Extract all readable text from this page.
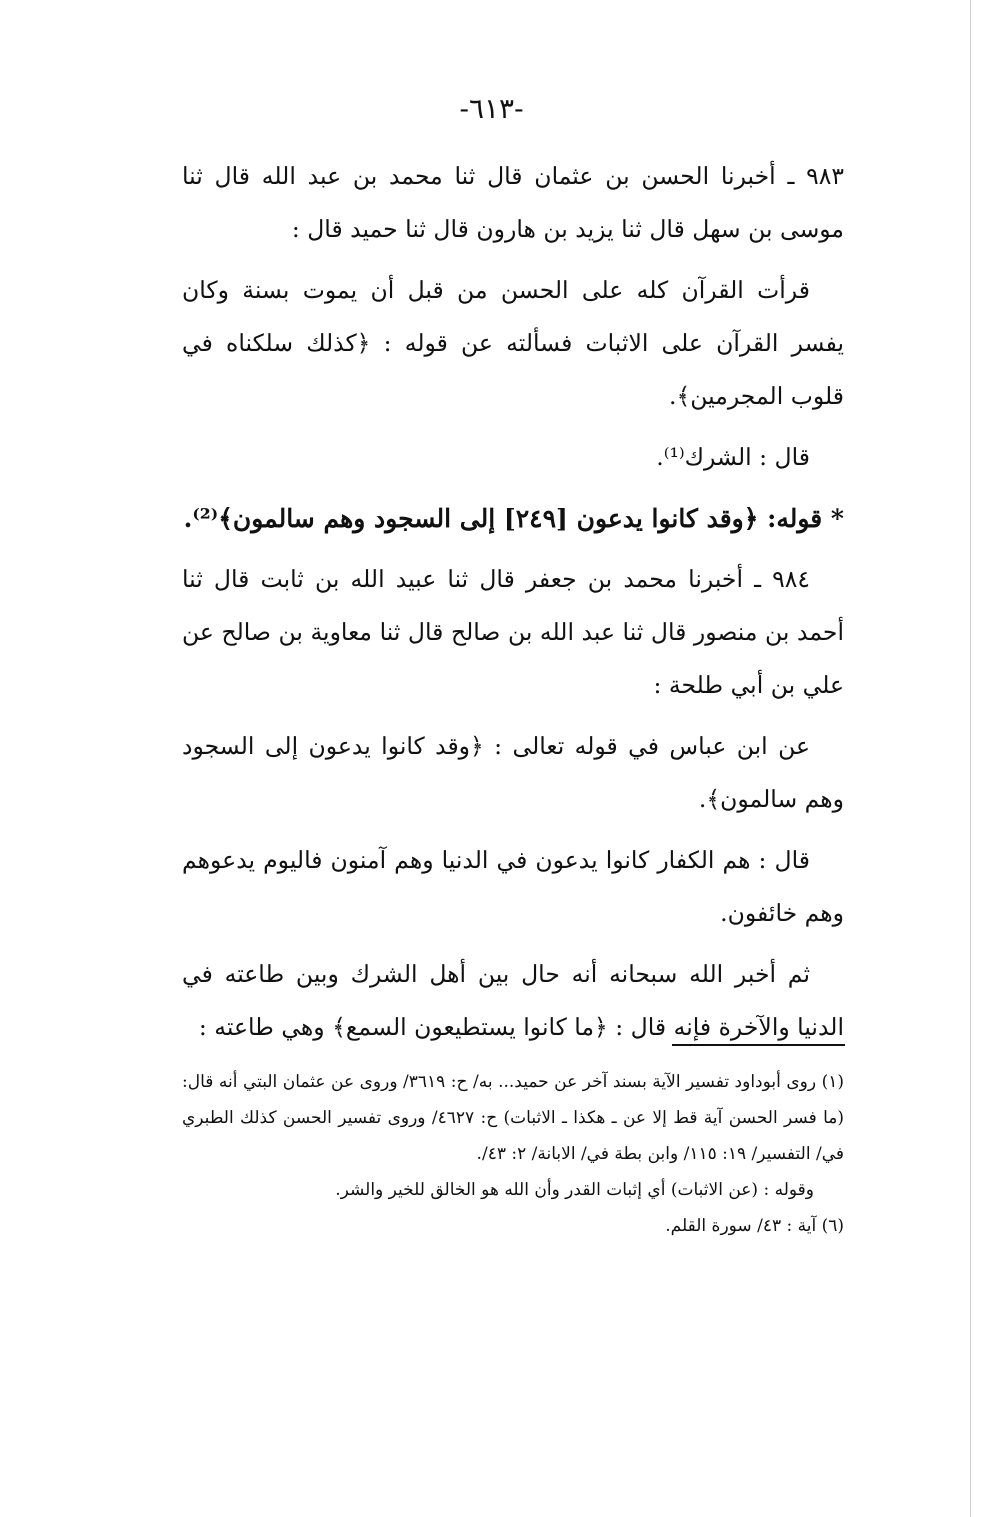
-٦١٣-

٩٨٣ ـ أخبرنا الحسن بن عثمان قال ثنا محمد بن عبد الله قال ثنا موسى بن سهل قال ثنا يزيد بن هارون قال ثنا حميد قال :

قرأت القرآن كله على الحسن من قبل أن يموت بسنة وكان يفسر القرآن على الاثبات فسألته عن قوله : ﴿كذلك سلكناه في قلوب المجرمين﴾.

قال : الشرك⁽¹⁾.

* قوله: ﴿وقد كانوا يدعون [٢٤٩] إلى السجود وهم سالمون﴾⁽²⁾.

٩٨٤ ـ أخبرنا محمد بن جعفر قال ثنا عبيد الله بن ثابت قال ثنا أحمد بن منصور قال ثنا عبد الله بن صالح قال ثنا معاوية بن صالح عن علي بن أبي طلحة :

عن ابن عباس في قوله تعالى : ﴿وقد كانوا يدعون إلى السجود وهم سالمون﴾.

قال : هم الكفار كانوا يدعون في الدنيا وهم آمنون فاليوم يدعوهم وهم خائفون.

ثم أخبر الله سبحانه أنه حال بين أهل الشرك وبين طاعته في الدنيا والآخرة فإنه قال : ﴿ما كانوا يستطيعون السمع﴾ وهي طاعته :

(١) روى أبوداود تفسير الآية بسند آخر عن حميد... به/ ح: ٣٦١٩/ وروى عن عثمان البتي أنه قال: (ما فسر الحسن آية قط إلا عن ـ هكذا ـ الاثبات) ح: ٤٦٢٧/ وروى تفسير الحسن كذلك الطبري في/ التفسير/ ١٩: ١١٥/ وابن بطة في/ الابانة/ ٢: ٤٣/.

وقوله : (عن الاثبات) أي إثبات القدر وأن الله هو الخالق للخير والشر.

(٦) آية : ٤٣/ سورة القلم.
